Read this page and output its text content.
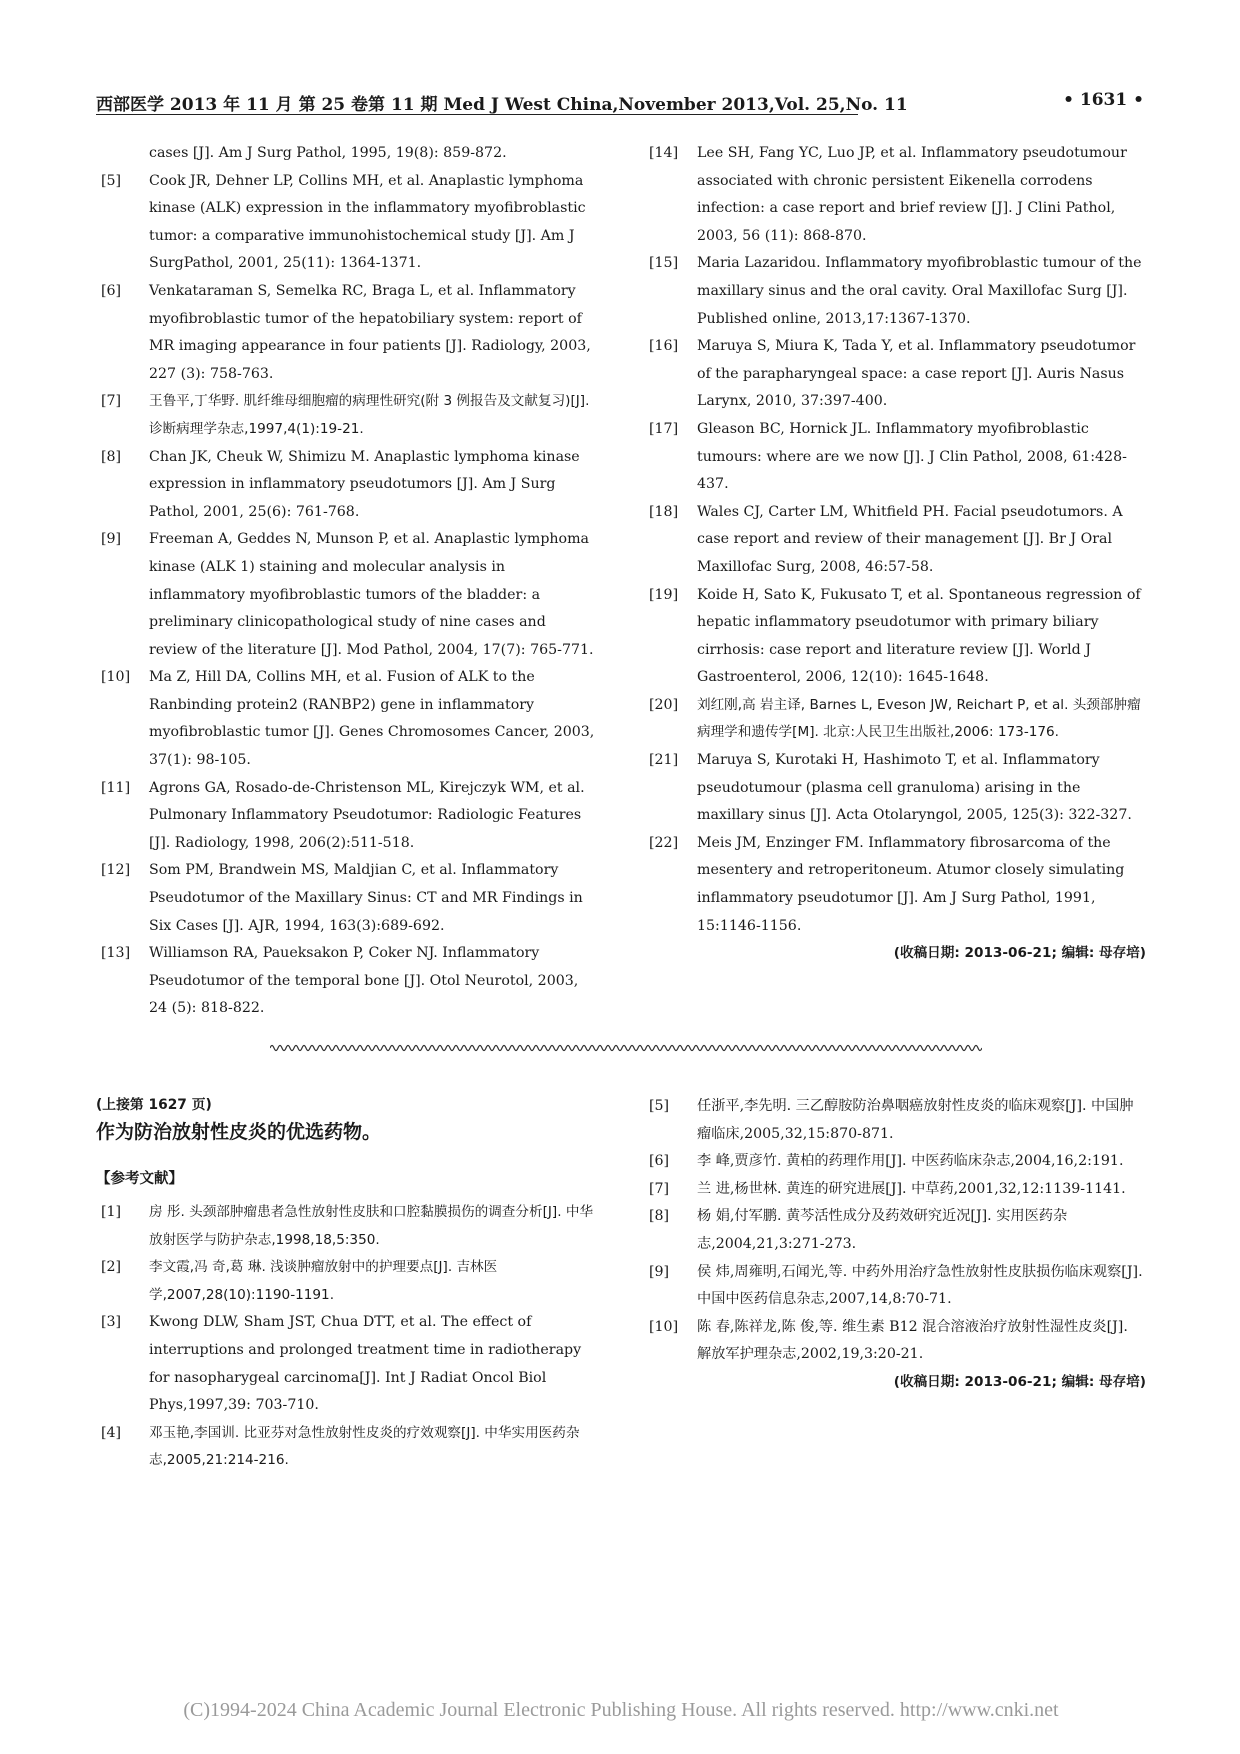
西部医学 2013 年 11 月 第 25 卷第 11 期 Med J West China,November 2013,Vol. 25,No. 11	• 1631 •
cases [J]. Am J Surg Pathol, 1995, 19(8): 859-872.
[5] Cook JR, Dehner LP, Collins MH, et al. Anaplastic lymphoma kinase (ALK) expression in the inflammatory myofibroblastic tumor: a comparative immunohistochemical study [J]. Am J SurgPathol, 2001, 25(11): 1364-1371.
[6] Venkataraman S, Semelka RC, Braga L, et al. Inflammatory myofibroblastic tumor of the hepatobiliary system: report of MR imaging appearance in four patients [J]. Radiology, 2003, 227 (3): 758-763.
[7] 王鲁平,丁华野. 肌纤维母细胞瘤的病理性研究(附 3 例报告及文献复习)[J]. 诊断病理学杂志,1997,4(1):19-21.
[8] Chan JK, Cheuk W, Shimizu M. Anaplastic lymphoma kinase expression in inflammatory pseudotumors [J]. Am J Surg Pathol, 2001, 25(6): 761-768.
[9] Freeman A, Geddes N, Munson P, et al. Anaplastic lymphoma kinase (ALK 1) staining and molecular analysis in inflammatory myofibroblastic tumors of the bladder: a preliminary clinicopathological study of nine cases and review of the literature [J]. Mod Pathol, 2004, 17(7): 765-771.
[10] Ma Z, Hill DA, Collins MH, et al. Fusion of ALK to the Ranbinding protein2 (RANBP2) gene in inflammatory myofibroblastic tumor [J]. Genes Chromosomes Cancer, 2003, 37(1): 98-105.
[11] Agrons GA, Rosado-de-Christenson ML, Kirejczyk WM, et al. Pulmonary Inflammatory Pseudotumor: Radiologic Features [J]. Radiology, 1998, 206(2):511-518.
[12] Som PM, Brandwein MS, Maldjian C, et al. Inflammatory Pseudotumor of the Maxillary Sinus: CT and MR Findings in Six Cases [J]. AJR, 1994, 163(3):689-692.
[13] Williamson RA, Paueksakon P, Coker NJ. Inflammatory Pseudotumor of the temporal bone [J]. Otol Neurotol, 2003, 24 (5): 818-822.
[14] Lee SH, Fang YC, Luo JP, et al. Inflammatory pseudotumour associated with chronic persistent Eikenella corrodens infection: a case report and brief review [J]. J Clini Pathol, 2003, 56 (11): 868-870.
[15] Maria Lazaridou. Inflammatory myofibroblastic tumour of the maxillary sinus and the oral cavity. Oral Maxillofac Surg [J]. Published online, 2013,17:1367-1370.
[16] Maruya S, Miura K, Tada Y, et al. Inflammatory pseudotumor of the parapharyngeal space: a case report [J]. Auris Nasus Larynx, 2010, 37:397-400.
[17] Gleason BC, Hornick JL. Inflammatory myofibroblastic tumours: where are we now [J]. J Clin Pathol, 2008, 61:428-437.
[18] Wales CJ, Carter LM, Whitfield PH. Facial pseudotumors. A case report and review of their management [J]. Br J Oral Maxillofac Surg, 2008, 46:57-58.
[19] Koide H, Sato K, Fukusato T, et al. Spontaneous regression of hepatic inflammatory pseudotumor with primary biliary cirrhosis: case report and literature review [J]. World J Gastroenterol, 2006, 12(10): 1645-1648.
[20] 刘红刚,高 岩主译, Barnes L, Eveson JW, Reichart P, et al. 头颈部肿瘤病理学和遗传学[M]. 北京:人民卫生出版社,2006: 173-176.
[21] Maruya S, Kurotaki H, Hashimoto T, et al. Inflammatory pseudotumour (plasma cell granuloma) arising in the maxillary sinus [J]. Acta Otolaryngol, 2005, 125(3): 322-327.
[22] Meis JM, Enzinger FM. Inflammatory fibrosarcoma of the mesentery and retroperitoneum. Atumor closely simulating inflammatory pseudotumor [J]. Am J Surg Pathol, 1991, 15:1146-1156.
(收稿日期: 2013-06-21; 编辑: 母存培)
(上接第 1627 页)
作为防治放射性皮炎的优选药物。
【参考文献】
[1] 房 彤. 头颈部肿瘤患者急性放射性皮肤和口腔黏膜损伤的调查分析[J]. 中华放射医学与防护杂志,1998,18,5:350.
[2] 李文霞,冯 奇,葛 琳. 浅谈肿瘤放射中的护理要点[J]. 吉林医学,2007,28(10):1190-1191.
[3] Kwong DLW, Sham JST, Chua DTT, et al. The effect of interruptions and prolonged treatment time in radiotherapy for nasopharygeal carcinoma[J]. Int J Radiat Oncol Biol Phys,1997,39: 703-710.
[4] 邓玉艳,李国训. 比亚芬对急性放射性皮炎的疗效观察[J]. 中华实用医药杂志,2005,21:214-216.
[5] 任浙平,李先明. 三乙醇胺防治鼻咽癌放射性皮炎的临床观察[J]. 中国肿瘤临床,2005,32,15:870-871.
[6] 李 峰,贾彦竹. 黄柏的药理作用[J]. 中医药临床杂志,2004,16,2:191.
[7] 兰 进,杨世林. 黄连的研究进展[J]. 中草药,2001,32,12:1139-1141.
[8] 杨 娟,付军鹏. 黄芩活性成分及药效研究近况[J]. 实用医药杂志,2004,21,3:271-273.
[9] 侯 炜,周雍明,石闻光,等. 中药外用治疗急性放射性皮肤损伤临床观察[J]. 中国中医药信息杂志,2007,14,8:70-71.
[10] 陈 春,陈祥龙,陈 俊,等. 维生素 B12 混合溶液治疗放射性湿性皮炎[J]. 解放军护理杂志,2002,19,3:20-21.
(收稿日期: 2013-06-21; 编辑: 母存培)
(C)1994-2024 China Academic Journal Electronic Publishing House. All rights reserved. http://www.cnki.net
